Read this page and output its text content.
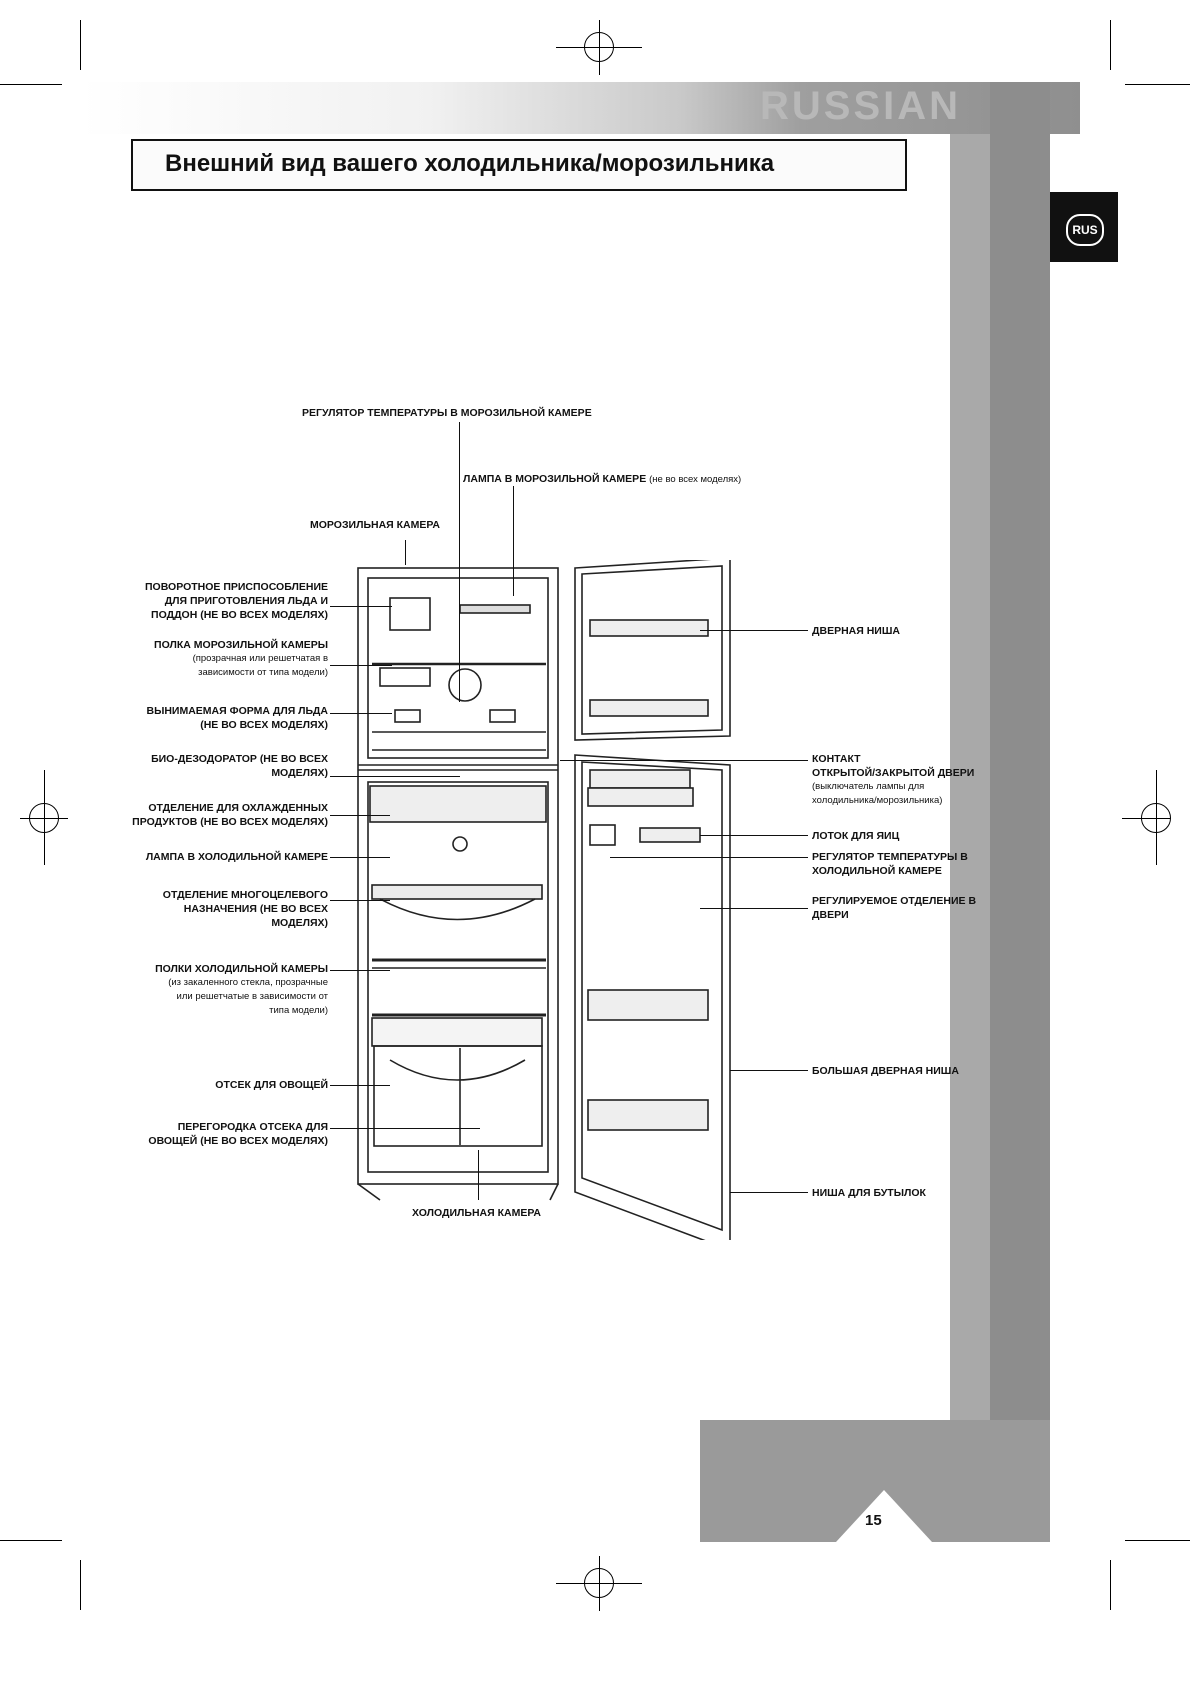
RUSSIAN
RUS
Внешний вид вашего холодильника/морозильника
РЕГУЛЯТОР ТЕМПЕРАТУРЫ В МОРОЗИЛЬНОЙ КАМЕРЕ
ЛАМПА В МОРОЗИЛЬНОЙ КАМЕРЕ (не во всех моделях)
МОРОЗИЛЬНАЯ КАМЕРА
ПОВОРОТНОЕ ПРИСПОСОБЛЕНИЕ
ДЛЯ ПРИГОТОВЛЕНИЯ ЛЬДА И
ПОДДОН (НЕ ВО ВСЕХ МОДЕЛЯХ)
ПОЛКА МОРОЗИЛЬНОЙ КАМЕРЫ
(прозрачная или решетчатая в
зависимости от типа модели)
ВЫНИМАЕМАЯ ФОРМА ДЛЯ ЛЬДА
(НЕ ВО ВСЕХ МОДЕЛЯХ)
БИО-ДЕЗОДОРАТОР (НЕ ВО ВСЕХ
МОДЕЛЯХ)
ОТДЕЛЕНИЕ ДЛЯ ОХЛАЖДЕННЫХ
ПРОДУКТОВ (НЕ ВО ВСЕХ МОДЕЛЯХ)
ЛАМПА В ХОЛОДИЛЬНОЙ КАМЕРЕ
ОТДЕЛЕНИЕ МНОГОЦЕЛЕВОГО
НАЗНАЧЕНИЯ (НЕ ВО ВСЕХ
МОДЕЛЯХ)
ПОЛКИ ХОЛОДИЛЬНОЙ КАМЕРЫ
(из закаленного стекла, прозрачные
или решетчатые в зависимости от
типа модели)
ОТСЕК ДЛЯ ОВОЩЕЙ
ПЕРЕГОРОДКА ОТСЕКА ДЛЯ
ОВОЩЕЙ (НЕ ВО ВСЕХ МОДЕЛЯХ)
ХОЛОДИЛЬНАЯ КАМЕРА
ДВЕРНАЯ НИША
КОНТАКТ
ОТКРЫТОЙ/ЗАКРЫТОЙ ДВЕРИ
(выключатель лампы для
холодильника/морозильника)
ЛОТОК ДЛЯ ЯИЦ
РЕГУЛЯТОР ТЕМПЕРАТУРЫ В
ХОЛОДИЛЬНОЙ КАМЕРЕ
РЕГУЛИРУЕМОЕ ОТДЕЛЕНИЕ В
ДВЕРИ
БОЛЬШАЯ ДВЕРНАЯ НИША
НИША ДЛЯ БУТЫЛОК
15
